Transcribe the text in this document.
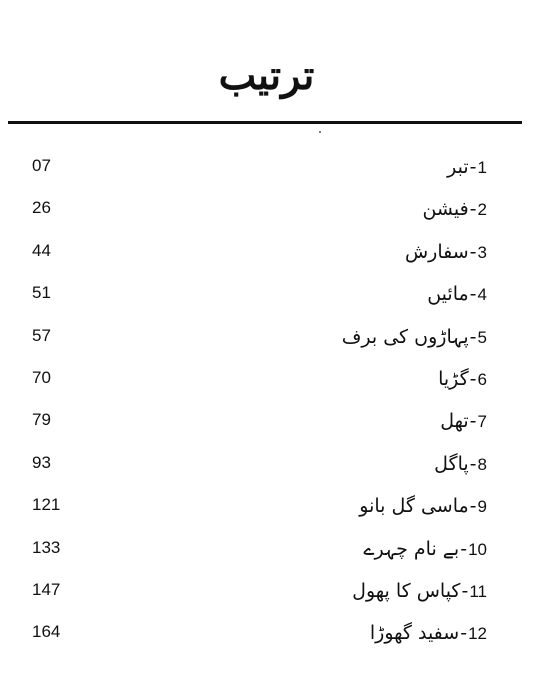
ترتیب
07	تبر - 1
26	فیشن - 2
44	سفارش - 3
51	مائیں - 4
57	پہاڑوں کی برف - 5
70	گڑیا - 6
79	تھل - 7
93	پاگل - 8
121	ماسی گل بانو - 9
133	بے نام چہرے - 10
147	کپاس کا پھول - 11
164	سفید گھوڑا - 12
